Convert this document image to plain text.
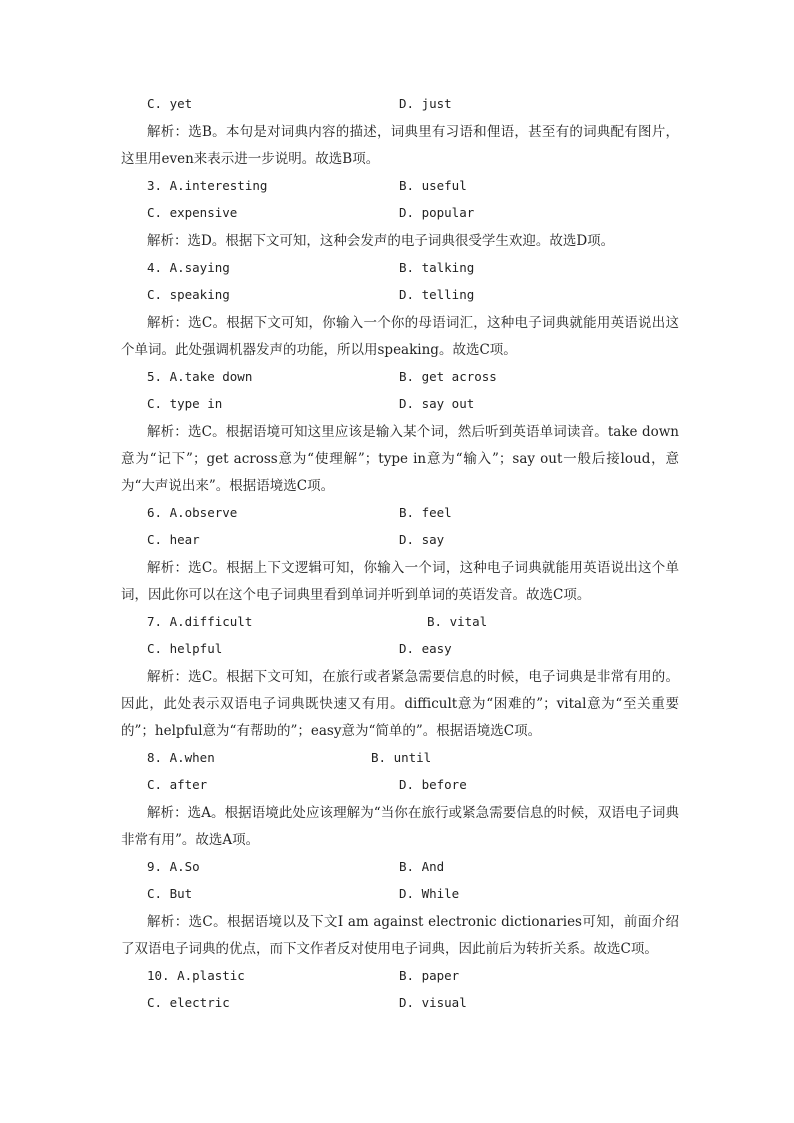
C. yet	D. just
解析：选B。本句是对词典内容的描述，词典里有习语和俚语，甚至有的词典配有图片，这里用even来表示进一步说明。故选B项。
3. A.interesting	B. useful
C. expensive	D. popular
解析：选D。根据下文可知，这种会发声的电子词典很受学生欢迎。故选D项。
4. A.saying	B. talking
C. speaking	D. telling
解析：选C。根据下文可知，你输入一个你的母语词汇，这种电子词典就能用英语说出这个单词。此处强调机器发声的功能，所以用speaking。故选C项。
5. A.take down	B. get across
C. type in	D. say out
解析：选C。根据语境可知这里应该是输入某个词，然后听到英语单词读音。take down意为“记下”；get across意为“使理解”；type in意为“输入”；say out一般后接loud，意为“大声说出来”。根据语境选C项。
6. A.observe	B. feel
C. hear	D. say
解析：选C。根据上下文逻辑可知，你输入一个词，这种电子词典就能用英语说出这个单词，因此你可以在这个电子词典里看到单词并听到单词的英语发音。故选C项。
7. A.difficult	B. vital
C. helpful	D. easy
解析：选C。根据下文可知，在旅行或者紧急需要信息的时候，电子词典是非常有用的。因此，此处表示双语电子词典既快速又有用。difficult意为“困难的”；vital意为“至关重要的”；helpful意为“有帮助的”；easy意为“简单的”。根据语境选C项。
8. A.when	B. until
C. after	D. before
解析：选A。根据语境此处应该理解为“当你在旅行或紧急需要信息的时候，双语电子词典非常有用”。故选A项。
9. A.So	B. And
C. But	D. While
解析：选C。根据语境以及下文I am against electronic dictionaries可知，前面介绍了双语电子词典的优点，而下文作者反对使用电子词典，因此前后为转折关系。故选C项。
10. A.plastic	B. paper
C. electric	D. visual
